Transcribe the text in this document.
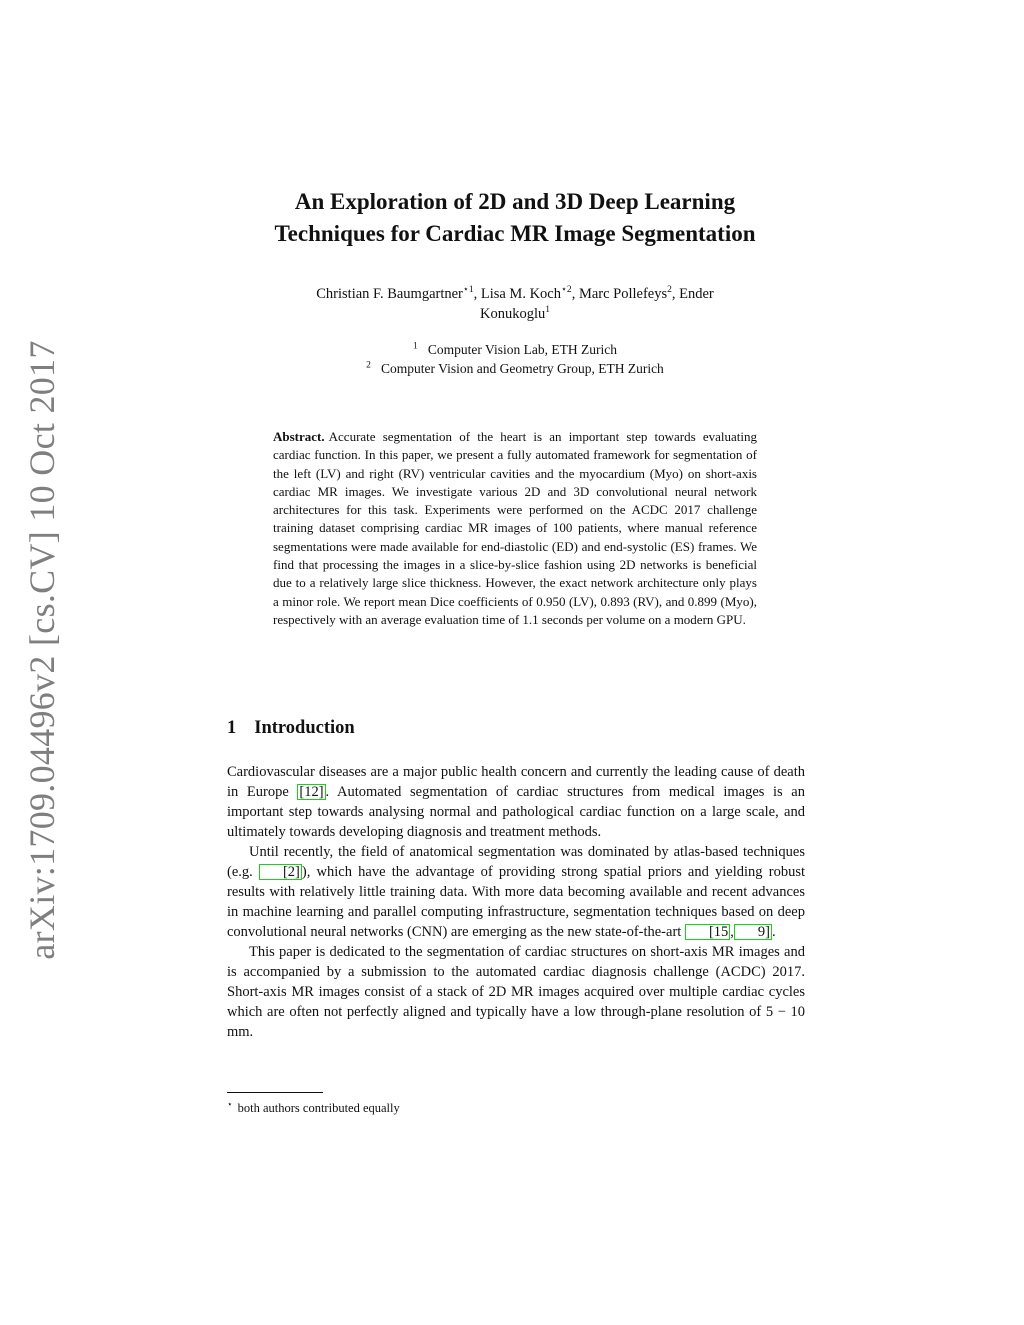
arXiv:1709.04496v2 [cs.CV] 10 Oct 2017
An Exploration of 2D and 3D Deep Learning
Techniques for Cardiac MR Image Segmentation
Christian F. Baumgartner$^{⋆1}$, Lisa M. Koch$^{⋆2}$, Marc Pollefeys$^2$, Ender
Konukoglu$^1$
$^1$ Computer Vision Lab, ETH Zurich
$^2$ Computer Vision and Geometry Group, ETH Zurich
Abstract. Accurate segmentation of the heart is an important step towards evaluating cardiac function. In this paper, we present a fully automated framework for segmentation of the left (LV) and right (RV) ventricular cavities and the myocardium (Myo) on short-axis cardiac MR images. We investigate various 2D and 3D convolutional neural network architectures for this task. Experiments were performed on the ACDC 2017 challenge training dataset comprising cardiac MR images of 100 patients, where manual reference segmentations were made available for end-diastolic (ED) and end-systolic (ES) frames. We find that processing the images in a slice-by-slice fashion using 2D networks is beneficial due to a relatively large slice thickness. However, the exact network architecture only plays a minor role. We report mean Dice coefficients of 0.950 (LV), 0.893 (RV), and 0.899 (Myo), respectively with an average evaluation time of 1.1 seconds per volume on a modern GPU.
1 Introduction

Cardiovascular diseases are a major public health concern and currently the leading cause of death in Europe [12] . Automated segmentation of cardiac structures from medical images is an important step towards analysing normal and pathological cardiac function on a large scale, and ultimately towards developing diagnosis and treatment methods.

Until recently, the field of anatomical segmentation was dominated by atlas-based techniques (e.g. [2] ), which have the advantage of providing strong spatial priors and yielding robust results with relatively little training data. With more data becoming available and recent advances in machine learning and parallel computing infrastructure, segmentation techniques based on deep convolutional neural networks (CNN) are emerging as the new state-of-the-art [15 , 9] .

This paper is dedicated to the segmentation of cardiac structures on short-axis MR images and is accompanied by a submission to the automated cardiac diagnosis challenge (ACDC) 2017. Short-axis MR images consist of a stack of 2D MR images acquired over multiple cardiac cycles which are often not perfectly aligned and typically have a low through-plane resolution of 5 − 10 mm.

⋆ both authors contributed equally
